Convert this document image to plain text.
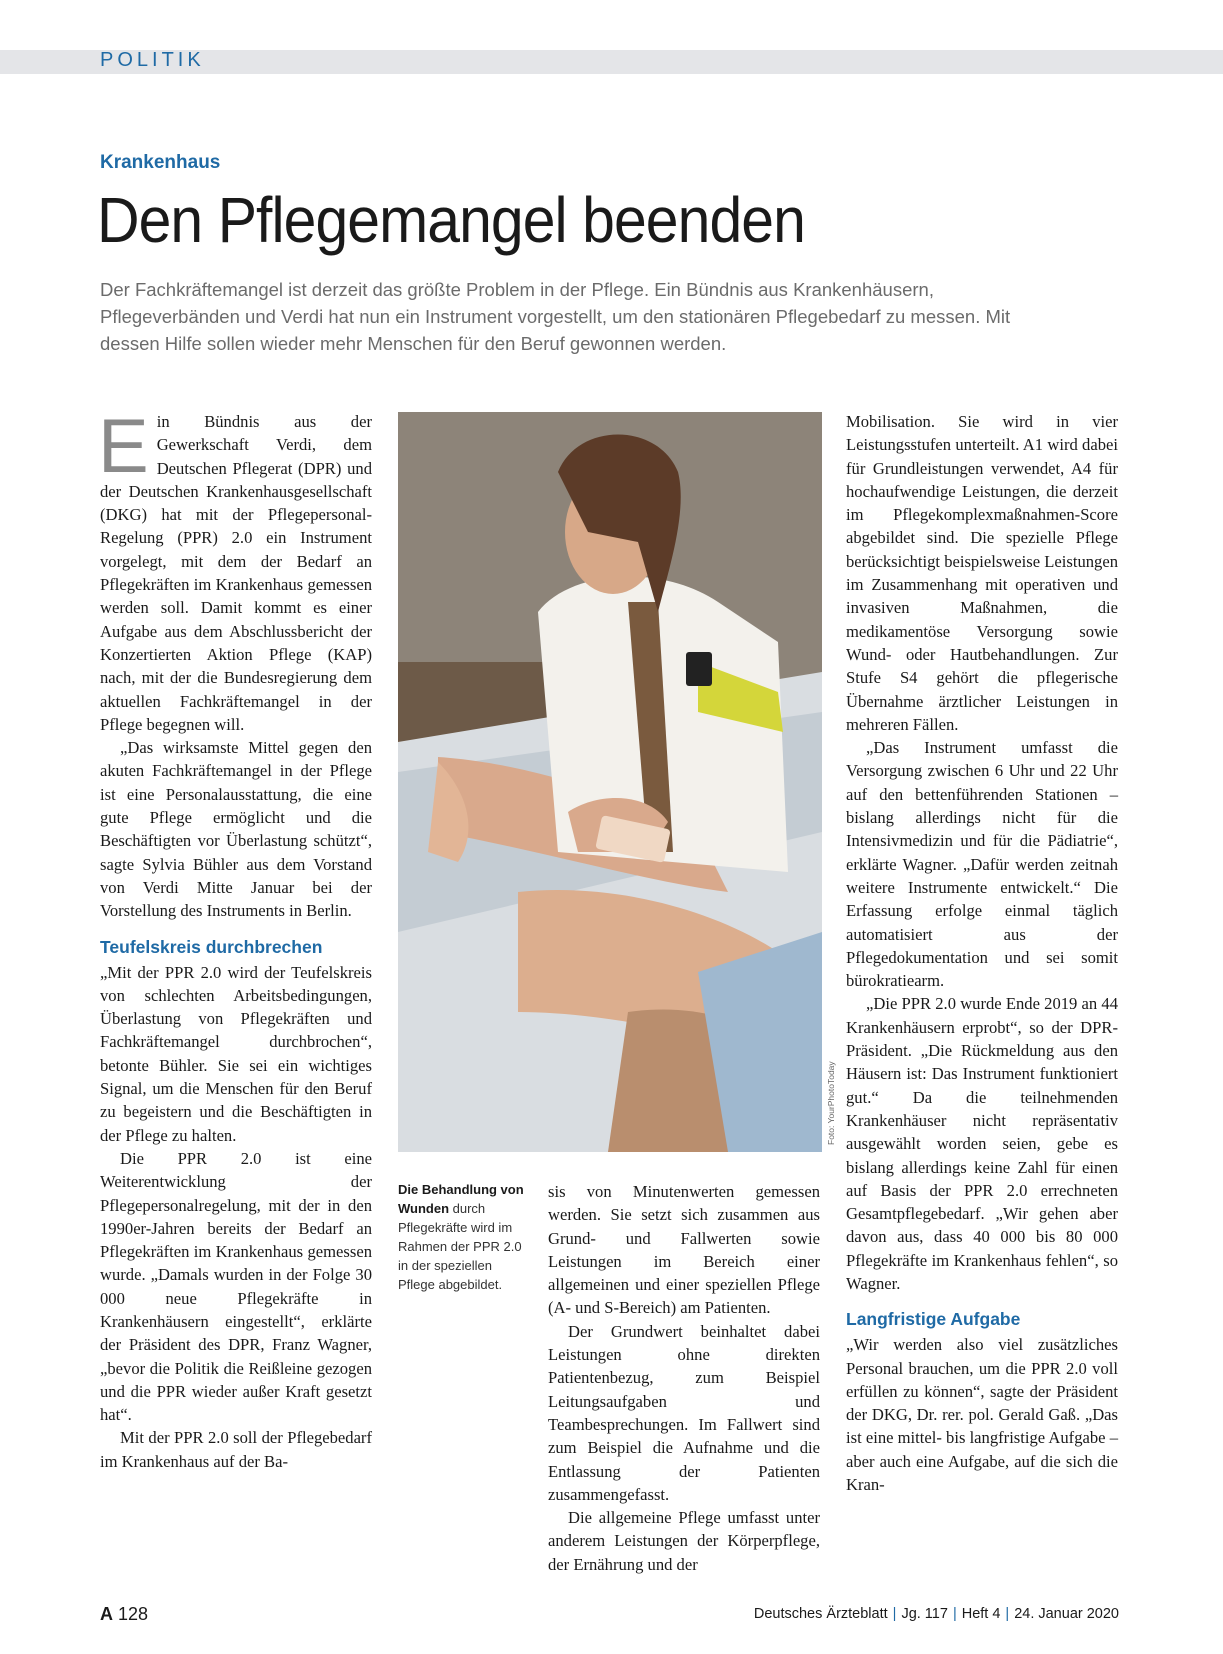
POLITIK
Krankenhaus
Den Pflegemangel beenden

Der Fachkräftemangel ist derzeit das größte Problem in der Pflege. Ein Bündnis aus Krankenhäusern, Pflegeverbänden und Verdi hat nun ein Instrument vorgestellt, um den stationären Pflegebedarf zu messen. Mit dessen Hilfe sollen wieder mehr Menschen für den Beruf gewonnen werden.

Ein Bündnis aus der Gewerkschaft Verdi, dem Deutschen Pflegerat (DPR) und der Deutschen Krankenhausgesellschaft (DKG) hat mit der Pflegepersonal-Regelung (PPR) 2.0 ein Instrument vorgelegt, mit dem der Bedarf an Pflegekräften im Krankenhaus gemessen werden soll. Damit kommt es einer Aufgabe aus dem Abschlussbericht der Konzertierten Aktion Pflege (KAP) nach, mit der die Bundesregierung dem aktuellen Fachkräftemangel in der Pflege begegnen will.

„Das wirksamste Mittel gegen den akuten Fachkräftemangel in der Pflege ist eine Personalausstattung, die eine gute Pflege ermöglicht und die Beschäftigten vor Überlastung schützt“, sagte Sylvia Bühler aus dem Vorstand von Verdi Mitte Januar bei der Vorstellung des Instruments in Berlin.

Teufelskreis durchbrechen

„Mit der PPR 2.0 wird der Teufelskreis von schlechten Arbeitsbedingungen, Überlastung von Pflegekräften und Fachkräftemangel durchbrochen“, betonte Bühler. Sie sei ein wichtiges Signal, um die Menschen für den Beruf zu begeistern und die Beschäftigten in der Pflege zu halten.

Die PPR 2.0 ist eine Weiterentwicklung der Pflegepersonalregelung, mit der in den 1990er-Jahren bereits der Bedarf an Pflegekräften im Krankenhaus gemessen wurde. „Damals wurden in der Folge 30 000 neue Pflegekräfte in Krankenhäusern eingestellt“, erklärte der Präsident des DPR, Franz Wagner, „bevor die Politik die Reißleine gezogen und die PPR wieder außer Kraft gesetzt hat“.

Mit der PPR 2.0 soll der Pflegebedarf im Krankenhaus auf der Ba-

Foto: YourPhotoToday
Die Behandlung von Wunden durch Pflegekräfte wird im Rahmen der PPR 2.0 in der speziellen Pflege abgebildet.

sis von Minutenwerten gemessen werden. Sie setzt sich zusammen aus Grund- und Fallwerten sowie Leistungen im Bereich einer allgemeinen und einer speziellen Pflege (A- und S-Bereich) am Patienten.

Der Grundwert beinhaltet dabei Leistungen ohne direkten Patientenbezug, zum Beispiel Leitungsaufgaben und Teambesprechungen. Im Fallwert sind zum Beispiel die Aufnahme und die Entlassung der Patienten zusammengefasst.

Die allgemeine Pflege umfasst unter anderem Leistungen der Körperpflege, der Ernährung und der

Mobilisation. Sie wird in vier Leistungsstufen unterteilt. A1 wird dabei für Grundleistungen verwendet, A4 für hochaufwendige Leistungen, die derzeit im Pflegekomplexmaßnahmen-Score abgebildet sind. Die spezielle Pflege berücksichtigt beispielsweise Leistungen im Zusammenhang mit operativen und invasiven Maßnahmen, die medikamentöse Versorgung sowie Wund- oder Hautbehandlungen. Zur Stufe S4 gehört die pflegerische Übernahme ärztlicher Leistungen in mehreren Fällen.

„Das Instrument umfasst die Versorgung zwischen 6 Uhr und 22 Uhr auf den bettenführenden Stationen – bislang allerdings nicht für die Intensivmedizin und für die Pädiatrie“, erklärte Wagner. „Dafür werden zeitnah weitere Instrumente entwickelt.“ Die Erfassung erfolge einmal täglich automatisiert aus der Pflegedokumentation und sei somit bürokratiearm.

„Die PPR 2.0 wurde Ende 2019 an 44 Krankenhäusern erprobt“, so der DPR-Präsident. „Die Rückmeldung aus den Häusern ist: Das Instrument funktioniert gut.“ Da die teilnehmenden Krankenhäuser nicht repräsentativ ausgewählt worden seien, gebe es bislang allerdings keine Zahl für einen auf Basis der PPR 2.0 errechneten Gesamtpflegebedarf. „Wir gehen aber davon aus, dass 40 000 bis 80 000 Pflegekräfte im Krankenhaus fehlen“, so Wagner.

Langfristige Aufgabe

„Wir werden also viel zusätzliches Personal brauchen, um die PPR 2.0 voll erfüllen zu können“, sagte der Präsident der DKG, Dr. rer. pol. Gerald Gaß. „Das ist eine mittel- bis langfristige Aufgabe – aber auch eine Aufgabe, auf die sich die Kran-

A 128	Deutsches Ärzteblatt | Jg. 117 | Heft 4 | 24. Januar 2020
